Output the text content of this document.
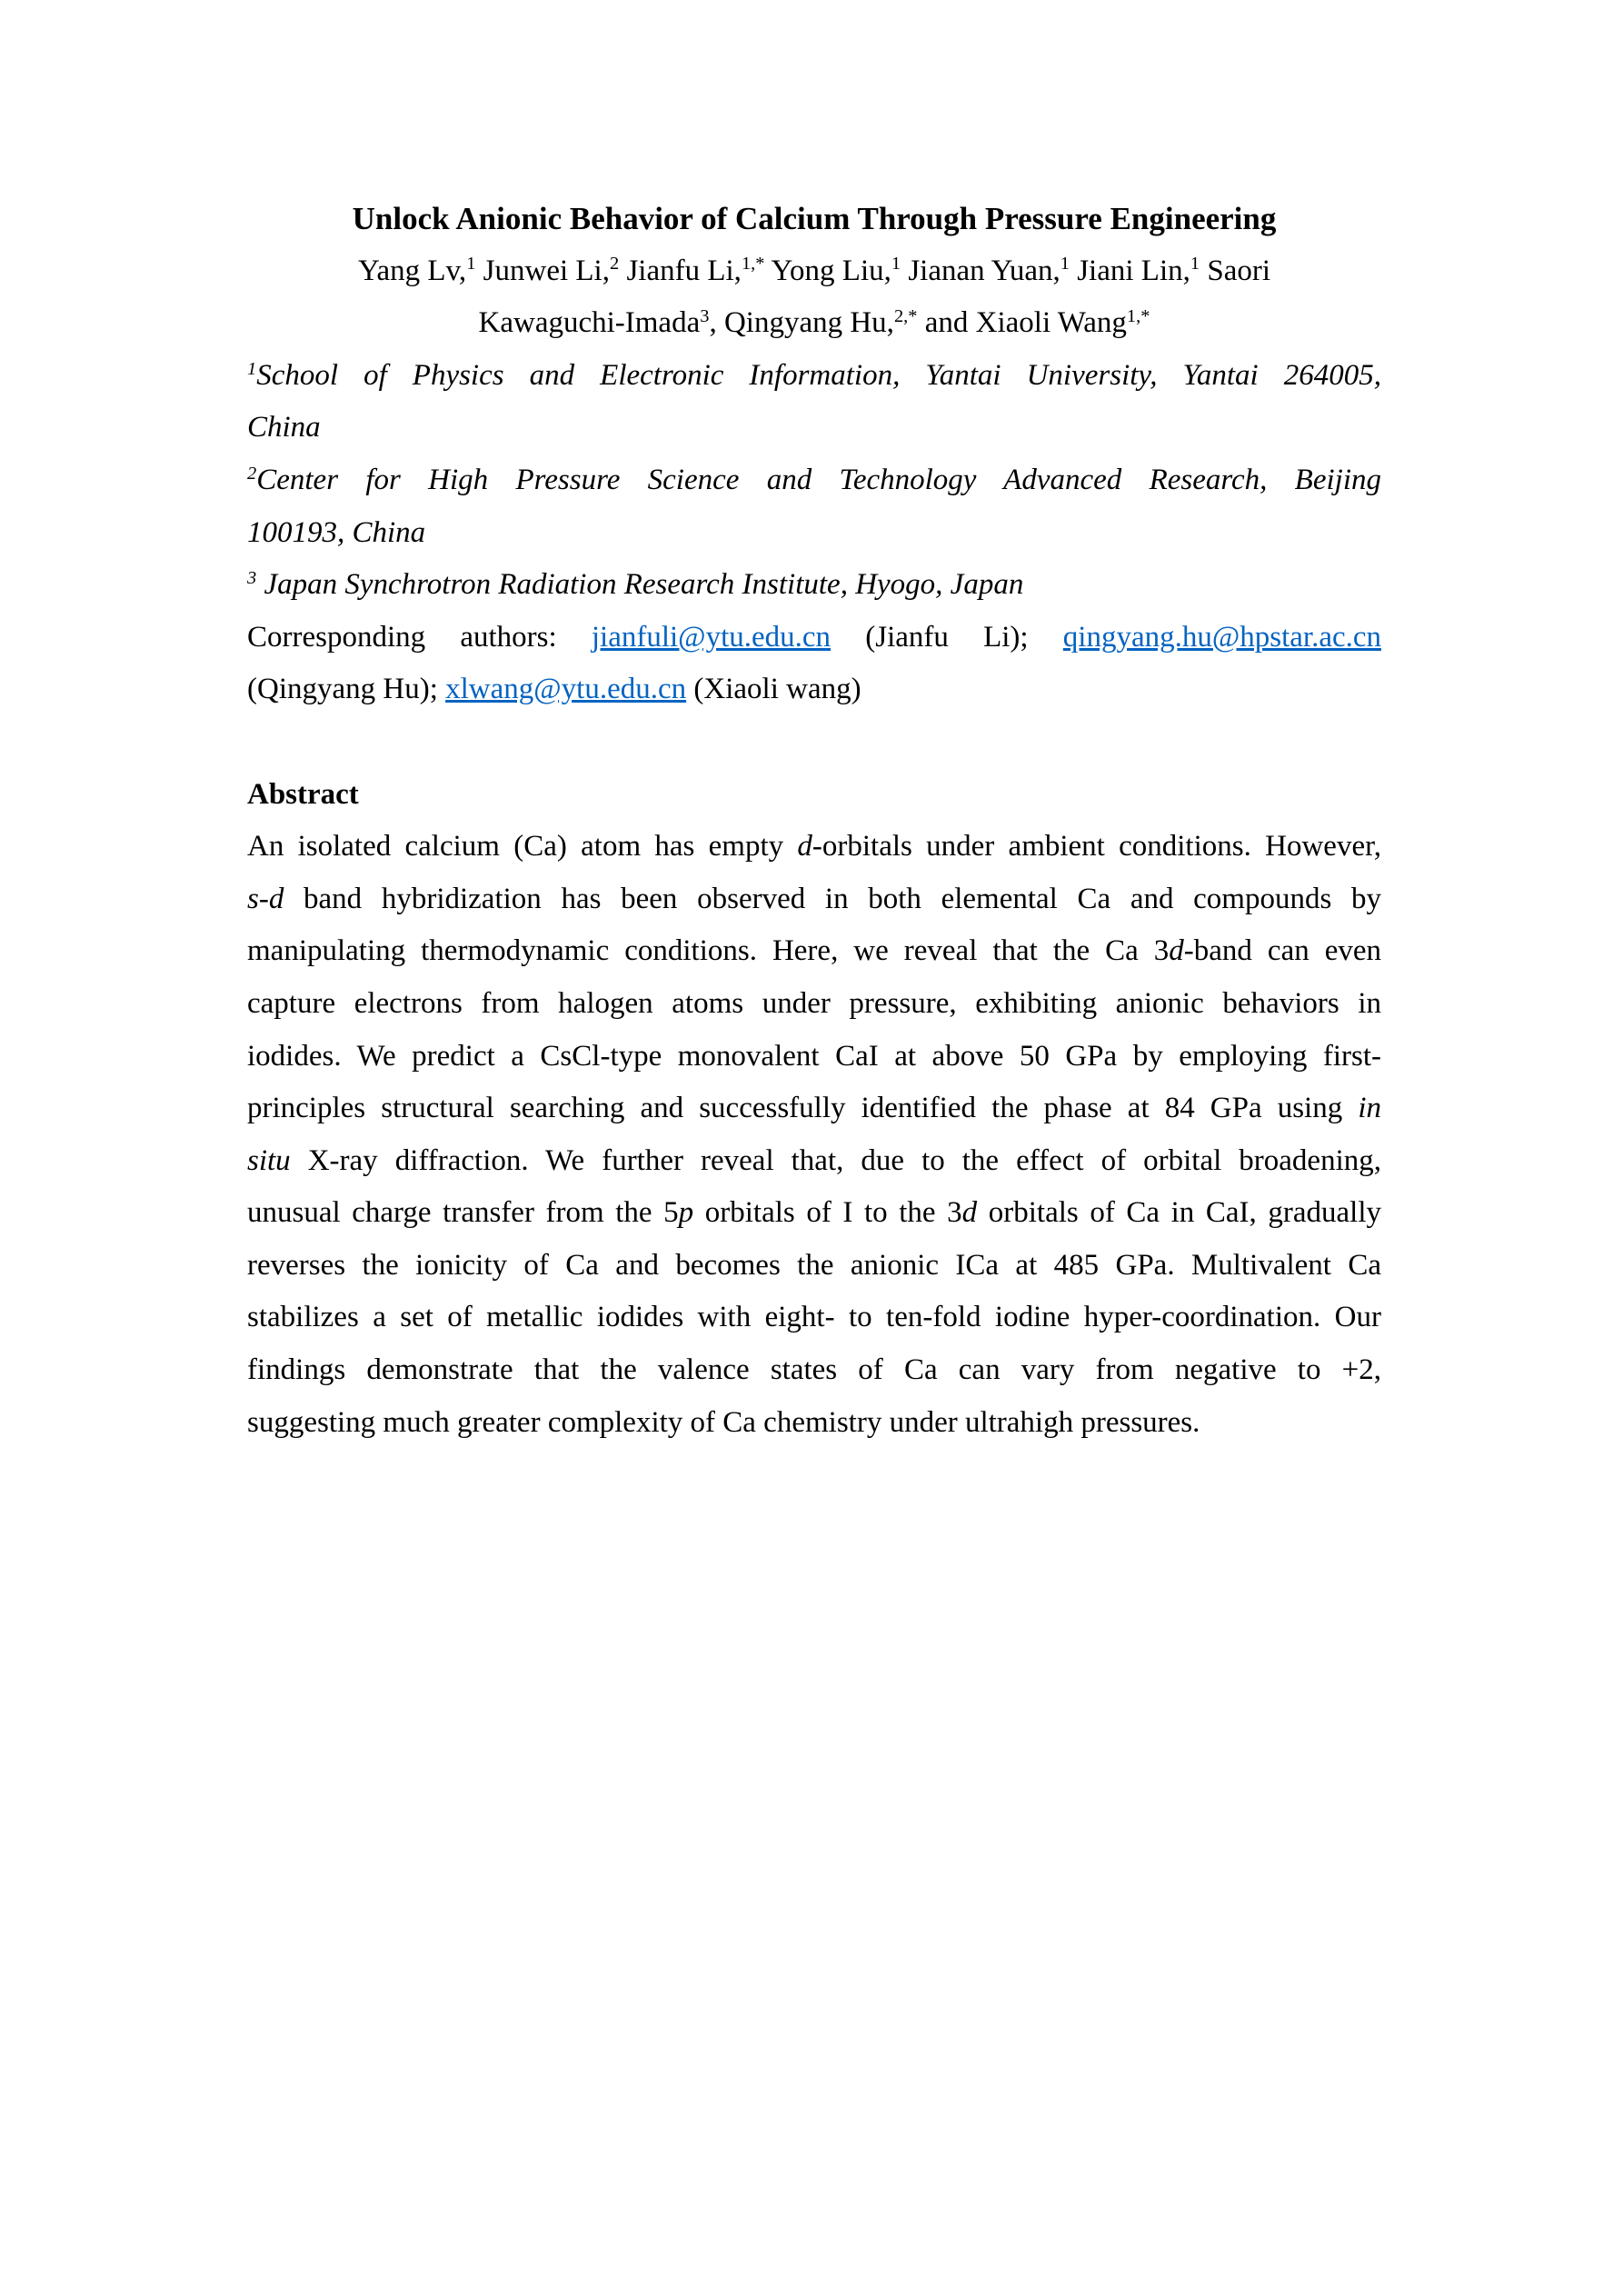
Unlock Anionic Behavior of Calcium Through Pressure Engineering
Yang Lv,$^1$ Junwei Li,$^2$ Jianfu Li,$^{1,*}$ Yong Liu,$^1$ Jianan Yuan,$^1$ Jiani Lin,$^1$ Saori
Kawaguchi-Imada$^3$, Qingyang Hu,$^{2,*}$ and Xiaoli Wang$^{1,*}$
$^1$School of Physics and Electronic Information, Yantai University, Yantai 264005,
China
$^2$Center for High Pressure Science and Technology Advanced Research, Beijing
100193, China
$^3$ Japan Synchrotron Radiation Research Institute, Hyogo, Japan
Corresponding authors: jianfuli@ytu.edu.cn (Jianfu Li); qingyang.hu@hpstar.ac.cn
(Qingyang Hu); xlwang@ytu.edu.cn (Xiaoli wang)
Abstract
An isolated calcium (Ca) atom has empty d-orbitals under ambient conditions. However,
s-d band hybridization has been observed in both elemental Ca and compounds by
manipulating thermodynamic conditions. Here, we reveal that the Ca 3d-band can even
capture electrons from halogen atoms under pressure, exhibiting anionic behaviors in
iodides. We predict a CsCl-type monovalent CaI at above 50 GPa by employing first-
principles structural searching and successfully identified the phase at 84 GPa using in
situ X-ray diffraction. We further reveal that, due to the effect of orbital broadening,
unusual charge transfer from the 5p orbitals of I to the 3d orbitals of Ca in CaI, gradually
reverses the ionicity of Ca and becomes the anionic ICa at 485 GPa. Multivalent Ca
stabilizes a set of metallic iodides with eight- to ten-fold iodine hyper-coordination. Our
findings demonstrate that the valence states of Ca can vary from negative to +2,
suggesting much greater complexity of Ca chemistry under ultrahigh pressures.
